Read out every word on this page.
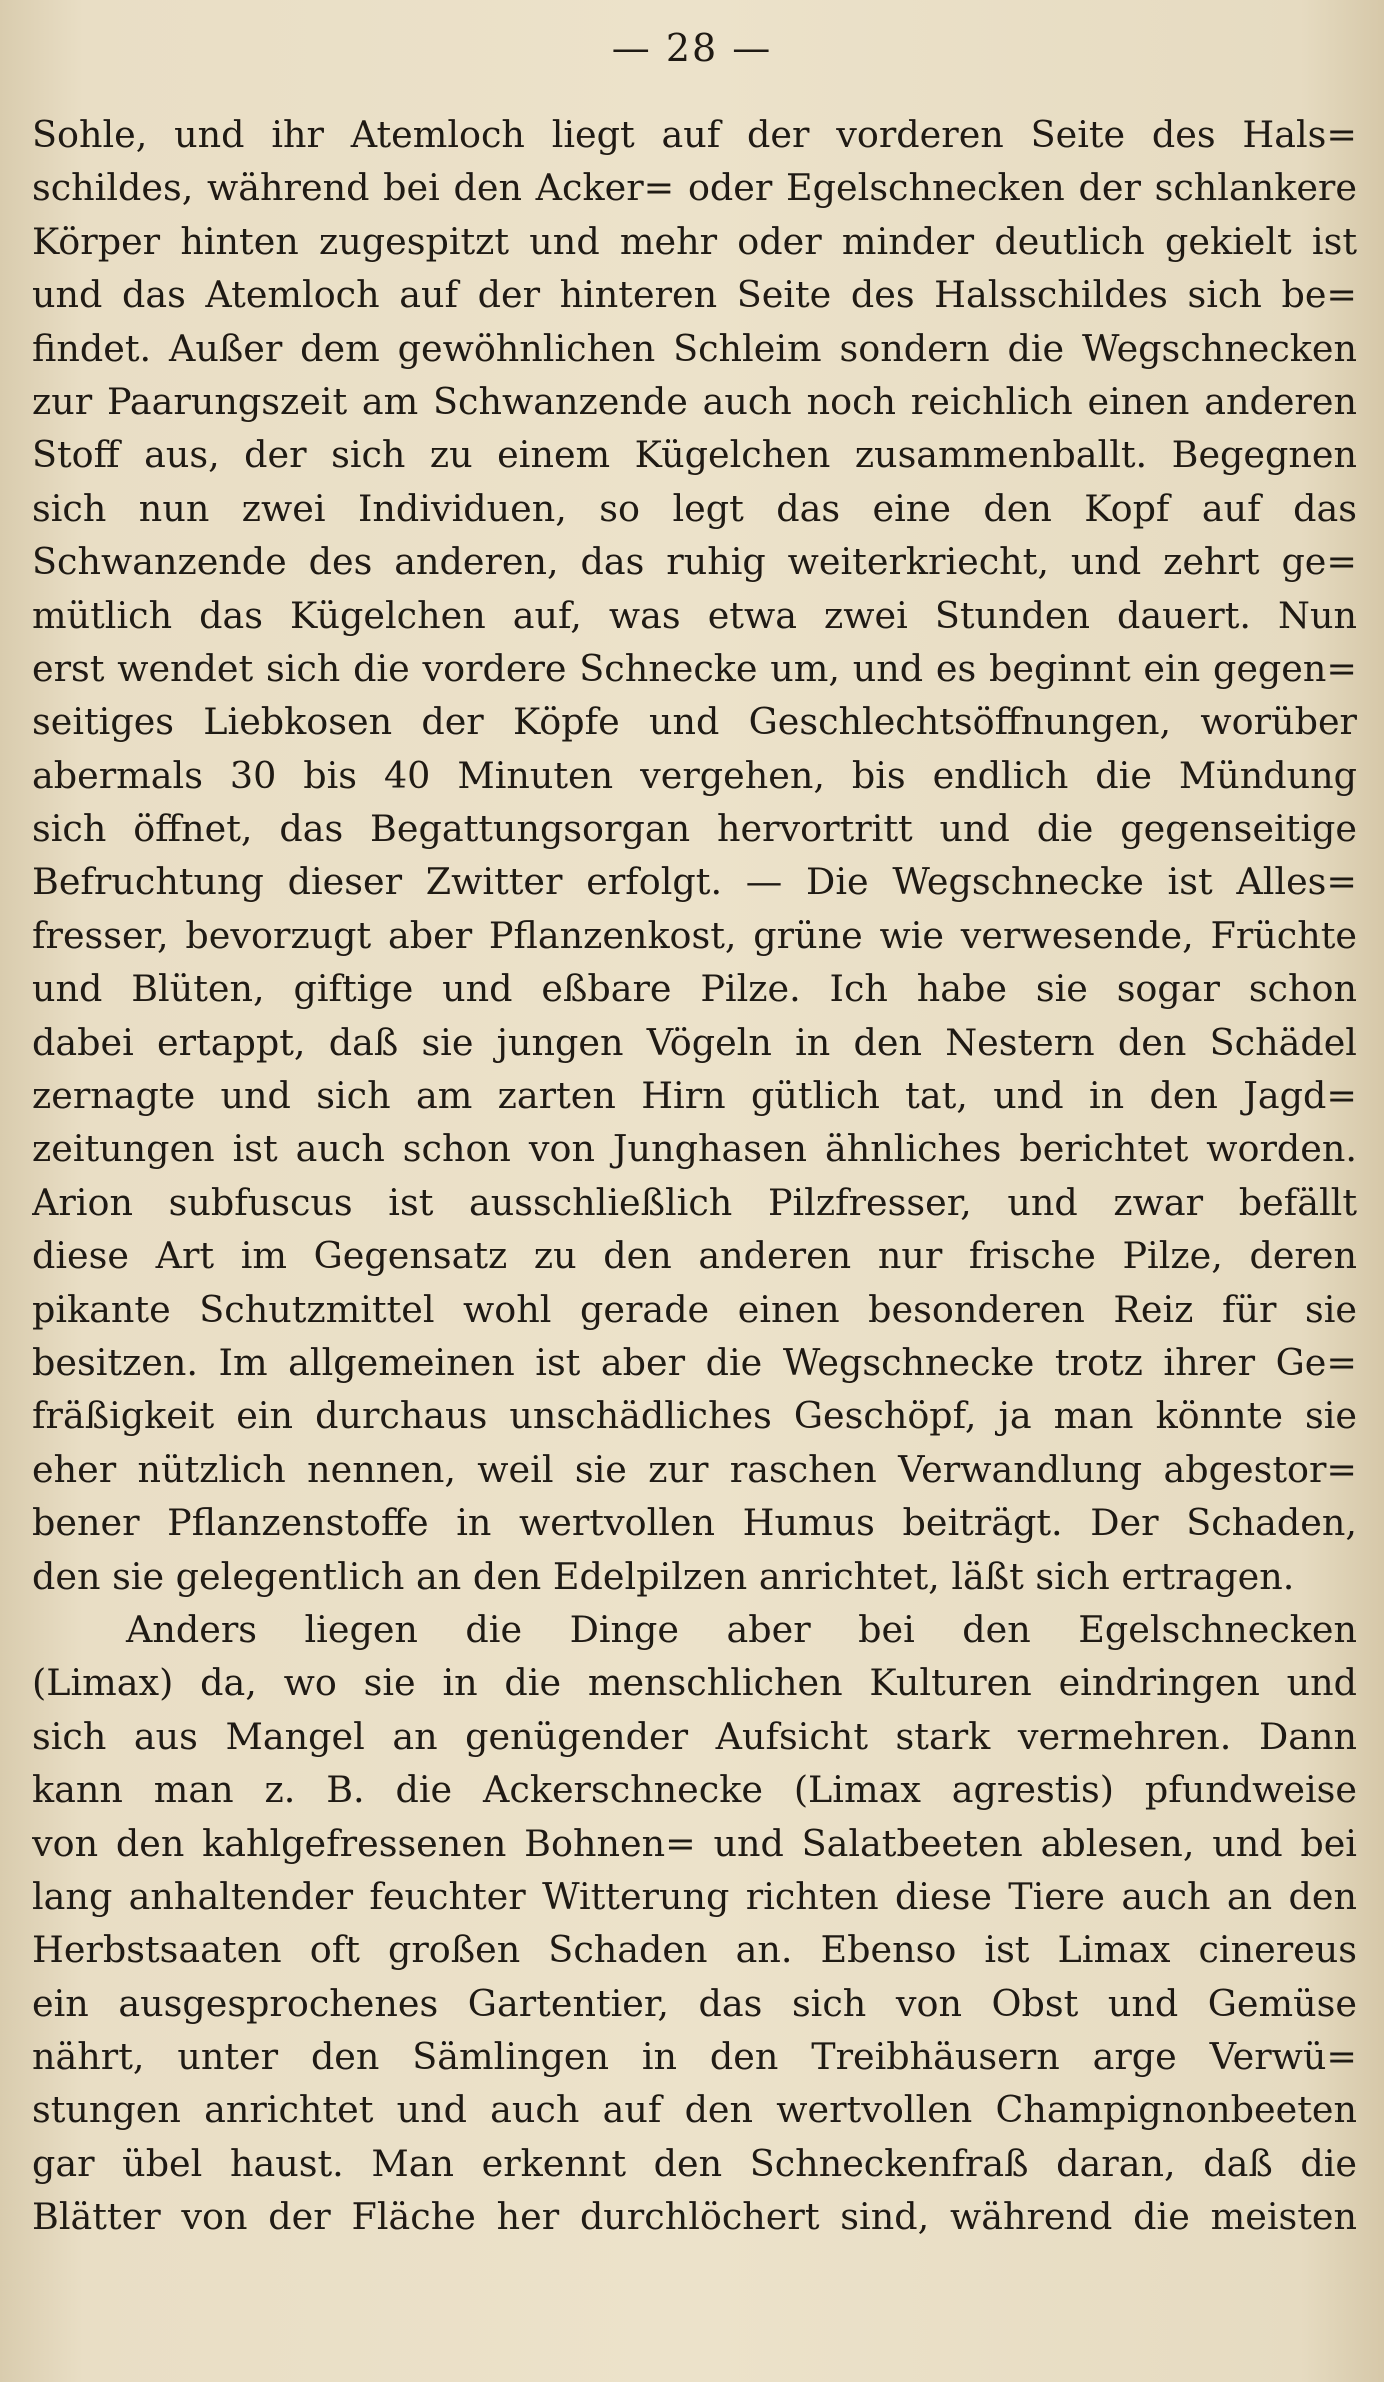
— 28 —
Sohle, und ihr Atemloch liegt auf der vorderen Seite des Hals=
schildes, während bei den Acker= oder Egelschnecken der schlankere
Körper hinten zugespitzt und mehr oder minder deutlich gekielt ist
und das Atemloch auf der hinteren Seite des Halsschildes sich be=
findet. Außer dem gewöhnlichen Schleim sondern die Wegschnecken
zur Paarungszeit am Schwanzende auch noch reichlich einen anderen
Stoff aus, der sich zu einem Kügelchen zusammenballt. Begegnen
sich nun zwei Individuen, so legt das eine den Kopf auf das
Schwanzende des anderen, das ruhig weiterkriecht, und zehrt ge=
mütlich das Kügelchen auf, was etwa zwei Stunden dauert. Nun
erst wendet sich die vordere Schnecke um, und es beginnt ein gegen=
seitiges Liebkosen der Köpfe und Geschlechtsöffnungen, worüber
abermals 30 bis 40 Minuten vergehen, bis endlich die Mündung
sich öffnet, das Begattungsorgan hervortritt und die gegenseitige
Befruchtung dieser Zwitter erfolgt. — Die Wegschnecke ist Alles=
fresser, bevorzugt aber Pflanzenkost, grüne wie verwesende, Früchte
und Blüten, giftige und eßbare Pilze. Ich habe sie sogar schon
dabei ertappt, daß sie jungen Vögeln in den Nestern den Schädel
zernagte und sich am zarten Hirn gütlich tat, und in den Jagd=
zeitungen ist auch schon von Junghasen ähnliches berichtet worden.
Arion subfuscus ist ausschließlich Pilzfresser, und zwar befällt
diese Art im Gegensatz zu den anderen nur frische Pilze, deren
pikante Schutzmittel wohl gerade einen besonderen Reiz für sie
besitzen. Im allgemeinen ist aber die Wegschnecke trotz ihrer Ge=
fräßigkeit ein durchaus unschädliches Geschöpf, ja man könnte sie
eher nützlich nennen, weil sie zur raschen Verwandlung abgestor=
bener Pflanzenstoffe in wertvollen Humus beiträgt. Der Schaden,
den sie gelegentlich an den Edelpilzen anrichtet, läßt sich ertragen.
Anders liegen die Dinge aber bei den Egelschnecken
(Limax) da, wo sie in die menschlichen Kulturen eindringen und
sich aus Mangel an genügender Aufsicht stark vermehren. Dann
kann man z. B. die Ackerschnecke (Limax agrestis) pfundweise
von den kahlgefressenen Bohnen= und Salatbeeten ablesen, und bei
lang anhaltender feuchter Witterung richten diese Tiere auch an den
Herbstsaaten oft großen Schaden an. Ebenso ist Limax cinereus
ein ausgesprochenes Gartentier, das sich von Obst und Gemüse
nährt, unter den Sämlingen in den Treibhäusern arge Verwü=
stungen anrichtet und auch auf den wertvollen Champignonbeeten
gar übel haust. Man erkennt den Schneckenfraß daran, daß die
Blätter von der Fläche her durchlöchert sind, während die meisten
